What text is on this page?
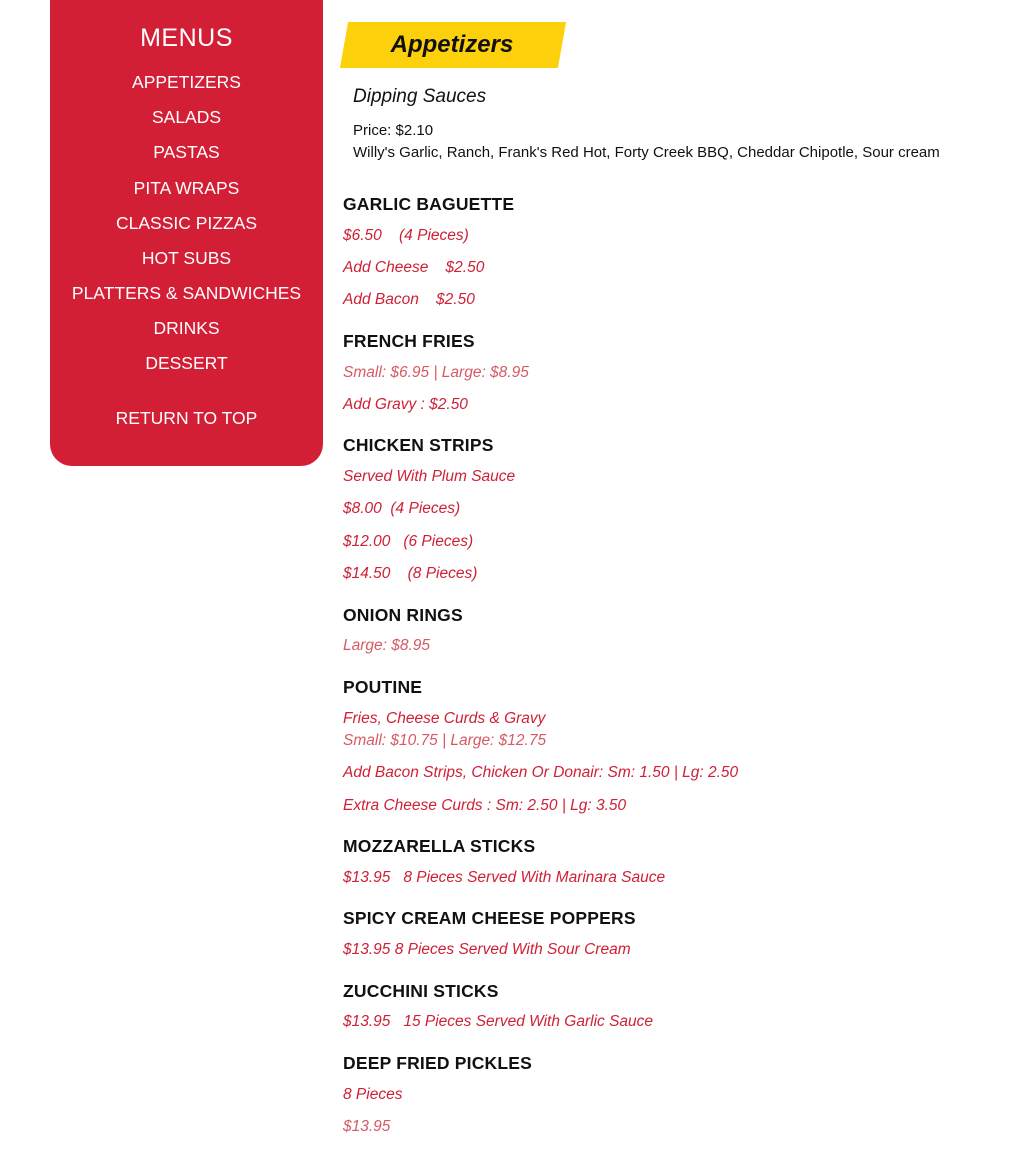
MENUS
APPETIZERS
SALADS
PASTAS
PITA WRAPS
CLASSIC PIZZAS
HOT SUBS
PLATTERS & SANDWICHES
DRINKS
DESSERT
RETURN TO TOP
Appetizers
Dipping Sauces
Price: $2.10
Willy's Garlic, Ranch, Frank's Red Hot, Forty Creek BBQ, Cheddar Chipotle, Sour cream
GARLIC BAGUETTE
$6.50    (4 Pieces)
Add Cheese    $2.50
Add Bacon    $2.50
FRENCH FRIES
Small: $6.95 | Large: $8.95
Add Gravy : $2.50
CHICKEN STRIPS
Served With Plum Sauce
$8.00  (4 Pieces)
$12.00   (6 Pieces)
$14.50    (8 Pieces)
ONION RINGS
Large: $8.95
POUTINE
Fries, Cheese Curds & Gravy
Small: $10.75 | Large: $12.75
Add Bacon Strips, Chicken Or Donair: Sm: 1.50 | Lg: 2.50
Extra Cheese Curds : Sm: 2.50 | Lg: 3.50
MOZZARELLA STICKS
$13.95   8 Pieces Served With Marinara Sauce
SPICY CREAM CHEESE POPPERS
$13.95 8 Pieces Served With Sour Cream
ZUCCHINI STICKS
$13.95   15 Pieces Served With Garlic Sauce
DEEP FRIED PICKLES
8 Pieces
$13.95
